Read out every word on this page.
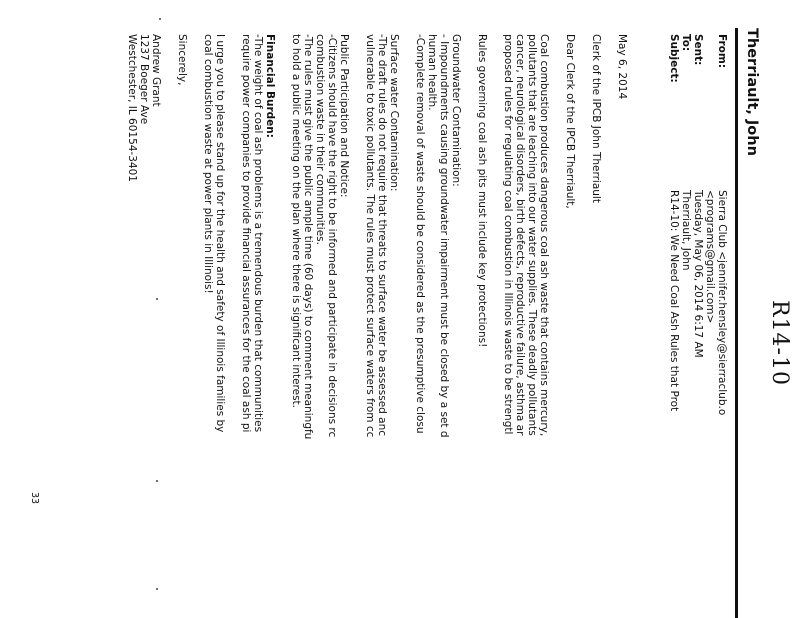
R14-10
Therriault, John
From:
Sierra Club <jennifer.hensley@sierraclub.o
<programs@gmail.com>
Sent:
Tuesday, May 06, 2014 6:17 AM
To:
Therriault, John
Subject:
R14-10: We Need Coal Ash Rules that Prot
May 6, 2014
Clerk of the IPCB John Therriault
Dear Clerk of the IPCB Therriault,
Coal combustion produces dangerous coal ash waste that contains mercury,
pollutants that are leaching into our water supplies. These deadly pollutants
cancer, neurological disorders, birth defects, reproductive failure, asthma ar
proposed rules for regulating coal combustion in Illinois waste to be strengtl
Rules governing coal ash pits must include key protections!
Groundwater Contamination:
- Impoundments causing groundwater impairment must be closed by a set d
human health.
-Complete removal of waste should be considered as the presumptive closu
Surface water Contamination:
-The draft rules do not require that threats to surface water be assessed anc
vulnerable to toxic pollutants. The rules must protect surface waters from cc
Public Participation and Notice:
-Citizens should have the right to be informed and participate in decisions rc
combustion waste in their communities.
-The rules must give the public ample time (60 days) to comment meaningfu
to hold a public meeting on the plan where there is significant interest.
Financial Burden:
-The weight of coal ash problems is a tremendous burden that communities
require power companies to provide financial assurances for the coal ash pi
I urge you to please stand up for the health and safety of Illinois families by
coal combustion waste at power plants in Illinois!
Sincerely,
Andrew Grant
1237 Boeger Ave
Westchester, IL 60154-3401
33
